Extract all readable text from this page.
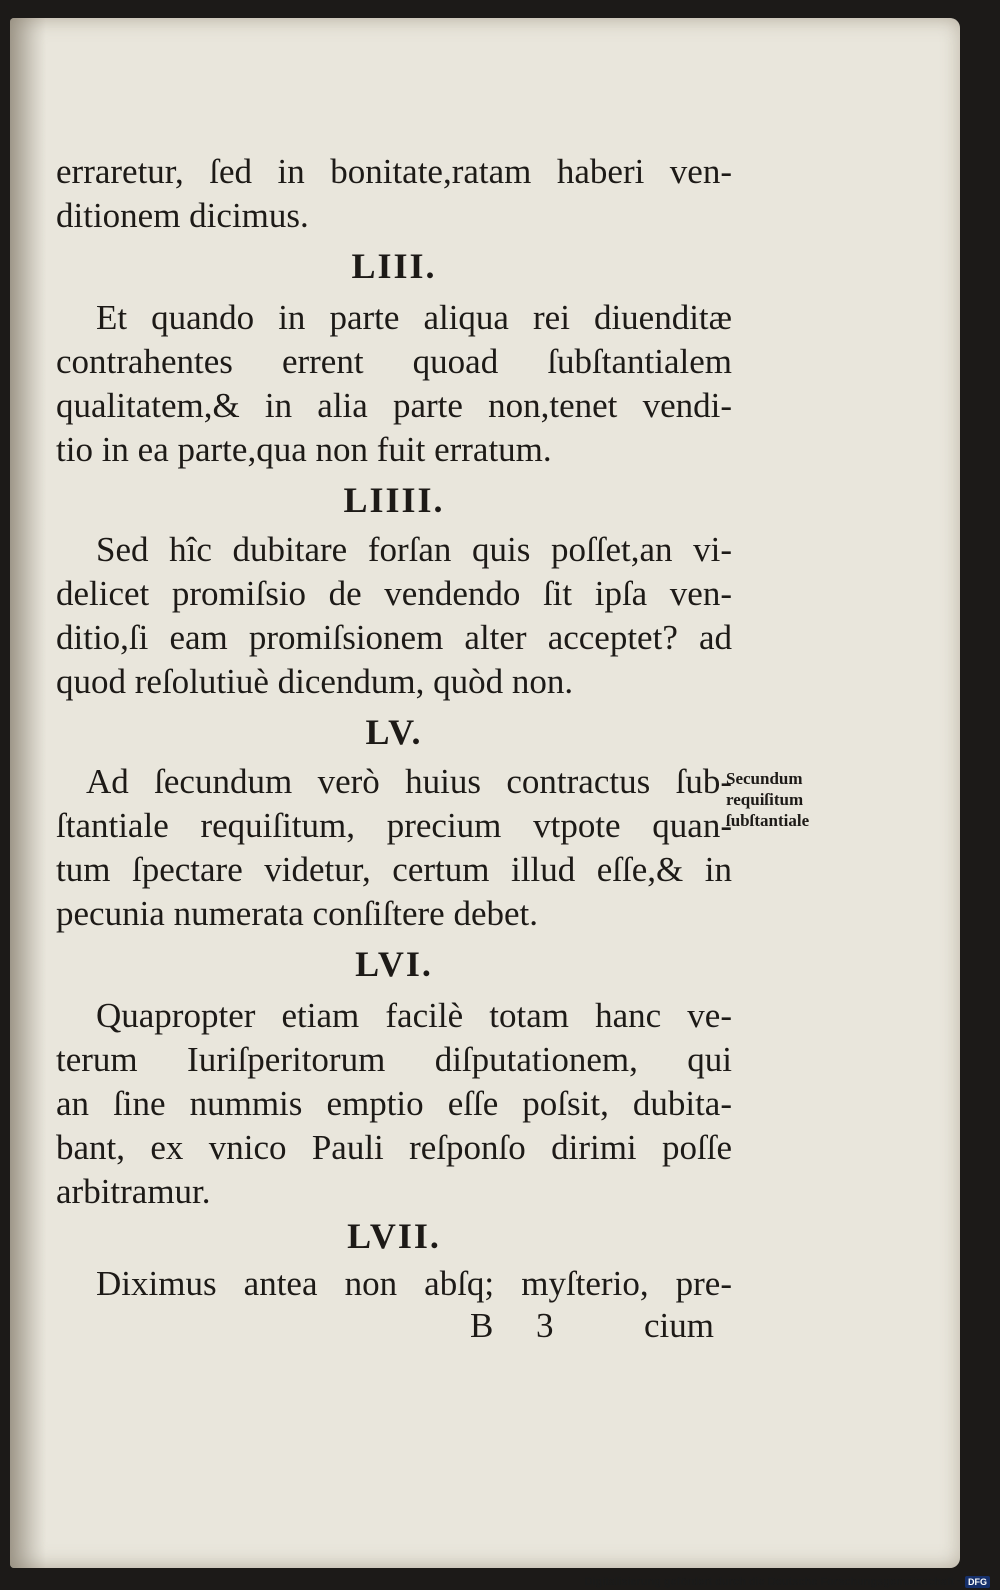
erraretur, ſed in bonitate,ratam haberi ven-
ditionem dicimus.
LIII.
Et quando in parte aliqua rei diuenditæ
contrahentes errent quoad ſubſtantialem
qualitatem,& in alia parte non,tenet vendi-
tio in ea parte,qua non fuit erratum.
LIIII.
Sed hîc dubitare forſan quis poſſet,an vi-
delicet promiſsio de vendendo ſit ipſa ven-
ditio,ſi eam promiſsionem alter acceptet? ad
quod reſolutiuè dicendum, quòd non.
LV.
Ad ſecundum verò huius contractus ſub-
ſtantiale requiſitum, precium vtpote quan-
tum ſpectare videtur, certum illud eſſe,& in
pecunia numerata conſiſtere debet.
LVI.
Quapropter etiam facilè totam hanc ve-
terum Iuriſperitorum diſputationem, qui
an ſine nummis emptio eſſe poſsit, dubita-
bant, ex vnico Pauli reſponſo dirimi poſſe
arbitramur.
LVII.
Diximus antea non abſq; myſterio, pre-
B 3	cium
Secundum
requiſitum
ſubſtantiale
Digitalisierung gefördert durch die Deutsche Forschungsgemeinschaft · DFG
